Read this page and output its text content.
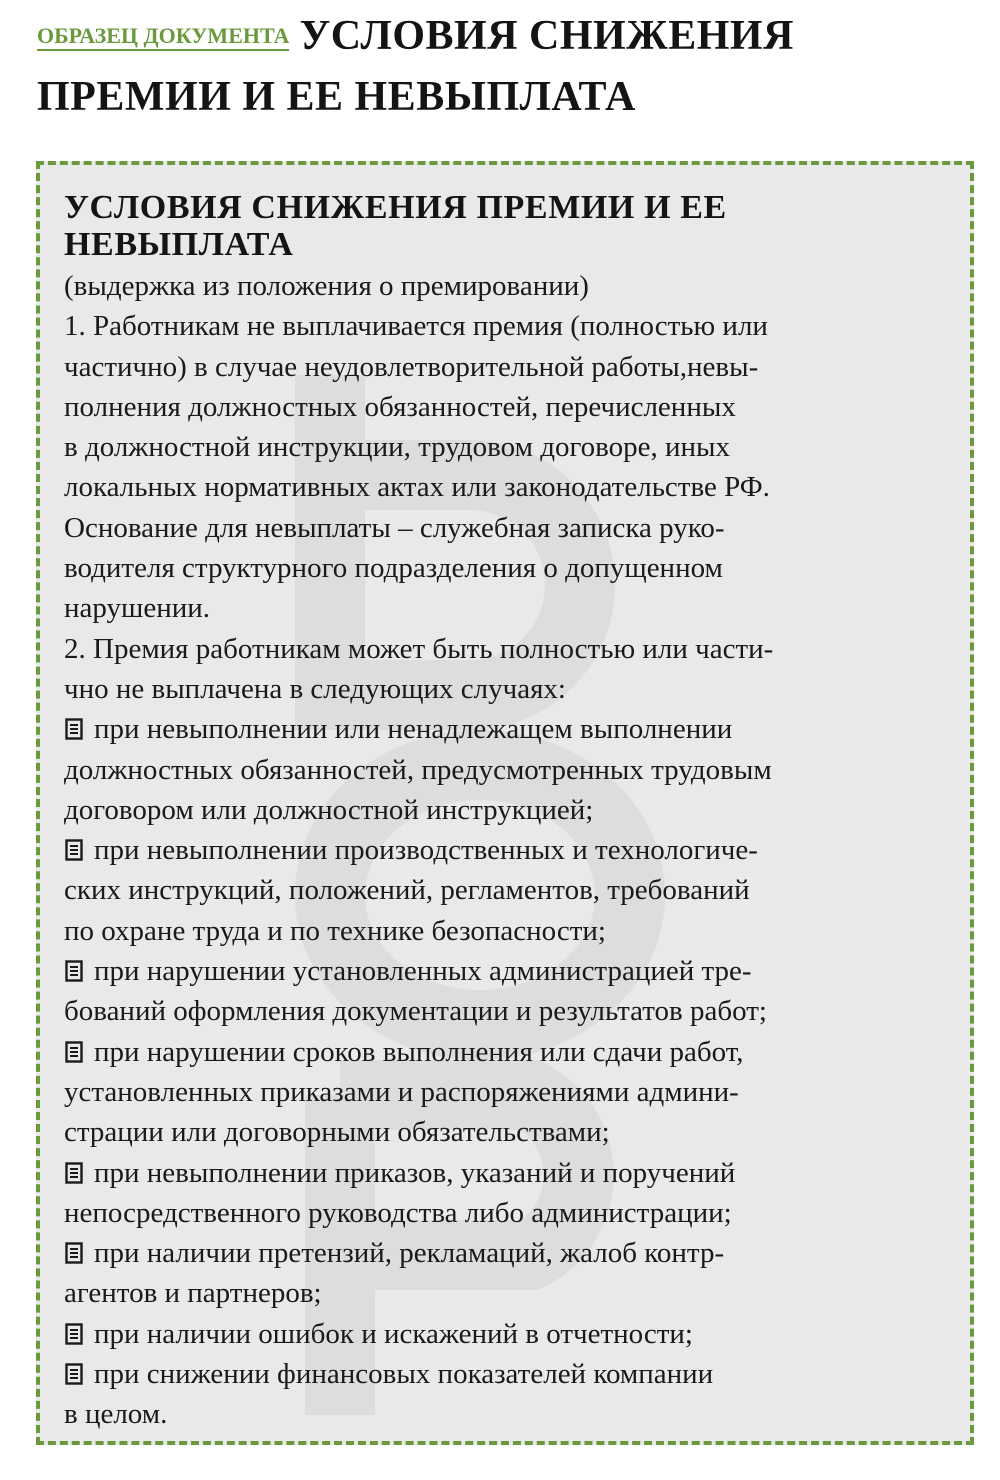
ОБРАЗЕЦ ДОКУМЕНТА УСЛОВИЯ СНИЖЕНИЯ
ПРЕМИИ И ЕЕ НЕВЫПЛАТА
УСЛОВИЯ СНИЖЕНИЯ ПРЕМИИ И ЕЕ
НЕВЫПЛАТА
(выдержка из положения о премировании)
1. Работникам не выплачивается премия (полностью или
частично) в случае неудовлетворительной работы,невы-
полнения должностных обязанностей, перечисленных
в должностной инструкции, трудовом договоре, иных
локальных нормативных актах или законодательстве РФ.
Основание для невыплаты – служебная записка руко-
водителя структурного подразделения о допущенном
нарушении.
2. Премия работникам может быть полностью или части-
чно не выплачена в следующих случаях:
при невыполнении или ненадлежащем выполнении
должностных обязанностей, предусмотренных трудовым
договором или должностной инструкцией;
при невыполнении производственных и технологиче-
ских инструкций, положений, регламентов, требований
по охране труда и по технике безопасности;
при нарушении установленных администрацией тре-
бований оформления документации и результатов работ;
при нарушении сроков выполнения или сдачи работ,
установленных приказами и распоряжениями админи-
страции или договорными обязательствами;
при невыполнении приказов, указаний и поручений
непосредственного руководства либо администрации;
при наличии претензий, рекламаций, жалоб контр-
агентов и партнеров;
при наличии ошибок и искажений в отчетности;
при снижении финансовых показателей компании
в целом.
